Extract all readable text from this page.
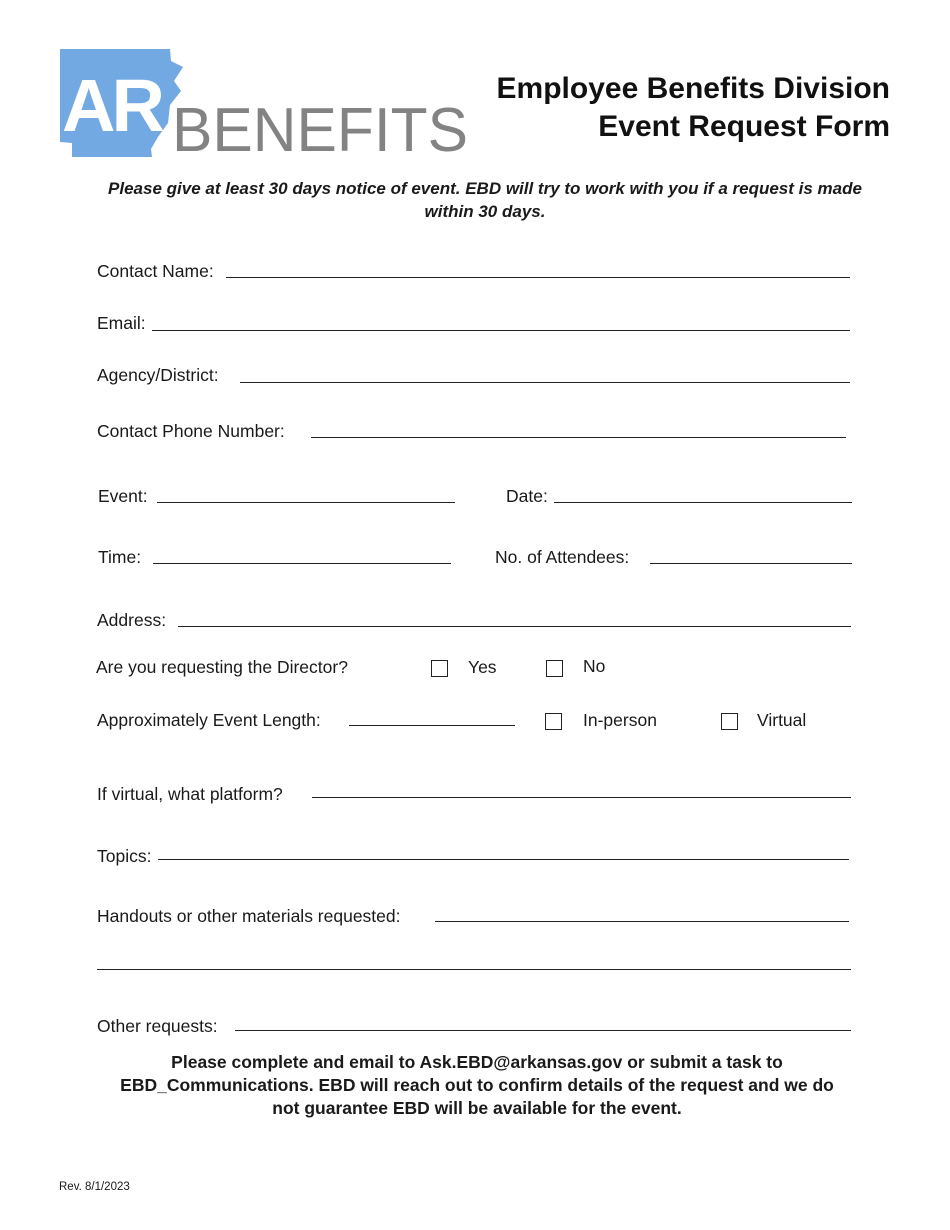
AR BENEFITS
Employee Benefits Division
Event Request Form
Please give at least 30 days notice of event. EBD will try to work with you if a request is made within 30 days.
Contact Name:
Email:
Agency/District:
Contact Phone Number:
Event:	Date:
Time:	No. of Attendees:
Address:
Are you requesting the Director?	Yes	No
Approximately Event Length:	In-person	Virtual
If virtual, what platform?
Topics:
Handouts or other materials requested:
Other requests:
Please complete and email to Ask.EBD@arkansas.gov or submit a task to EBD_Communications. EBD will reach out to confirm details of the request and we do not guarantee EBD will be available for the event.
Rev. 8/1/2023
